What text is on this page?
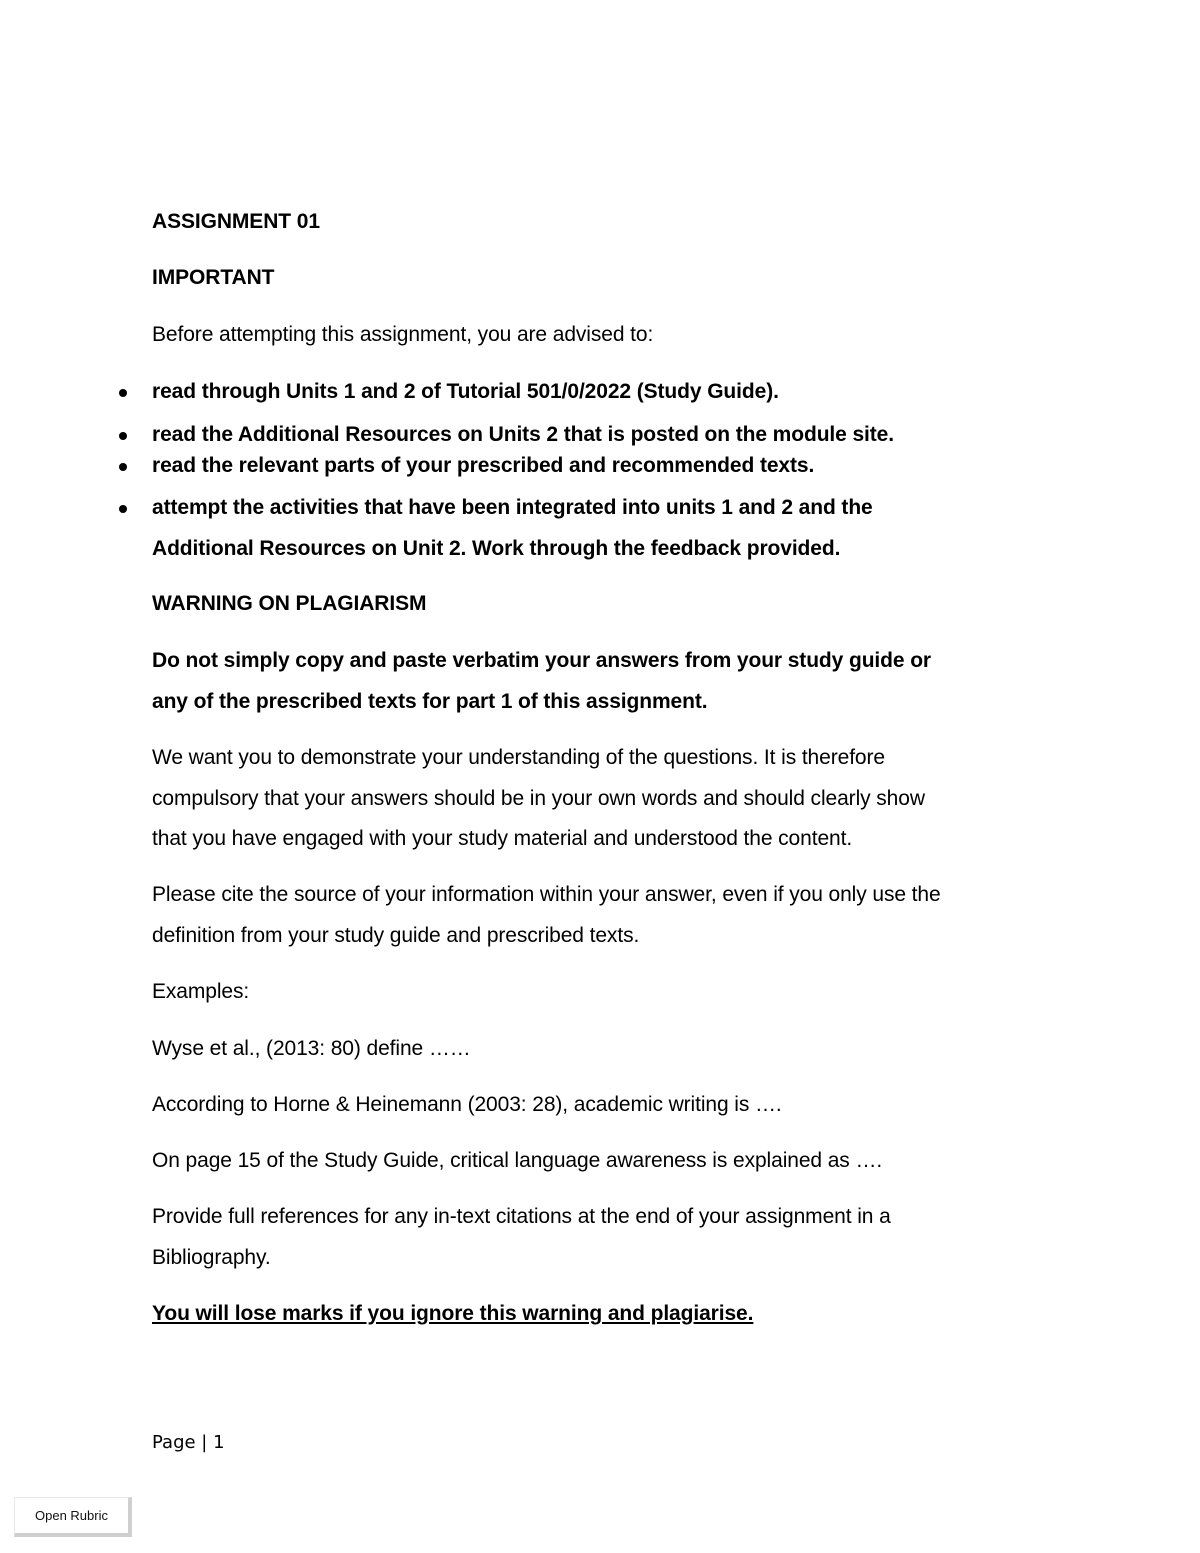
ASSIGNMENT 01
IMPORTANT
Before attempting this assignment, you are advised to:
read through Units 1 and 2 of Tutorial 501/0/2022 (Study Guide).
read the Additional Resources on Units 2 that is posted on the module site.
read the relevant parts of your prescribed and recommended texts.
attempt the activities that have been integrated into units 1 and 2 and the
Additional Resources on Unit 2. Work through the feedback provided.
WARNING ON PLAGIARISM
Do not simply copy and paste verbatim your answers from your study guide or
any of the prescribed texts for part 1 of this assignment.
We want you to demonstrate your understanding of the questions. It is therefore
compulsory that your answers should be in your own words and should clearly show
that you have engaged with your study material and understood the content.
Please cite the source of your information within your answer, even if you only use the
definition from your study guide and prescribed texts.
Examples:
Wyse et al., (2013: 80) define ……
According to Horne & Heinemann (2003: 28), academic writing is ….
On page 15 of the Study Guide, critical language awareness is explained as ….
Provide full references for any in-text citations at the end of your assignment in a
Bibliography.
You will lose marks if you ignore this warning and plagiarise.
Page | 1
Open Rubric
